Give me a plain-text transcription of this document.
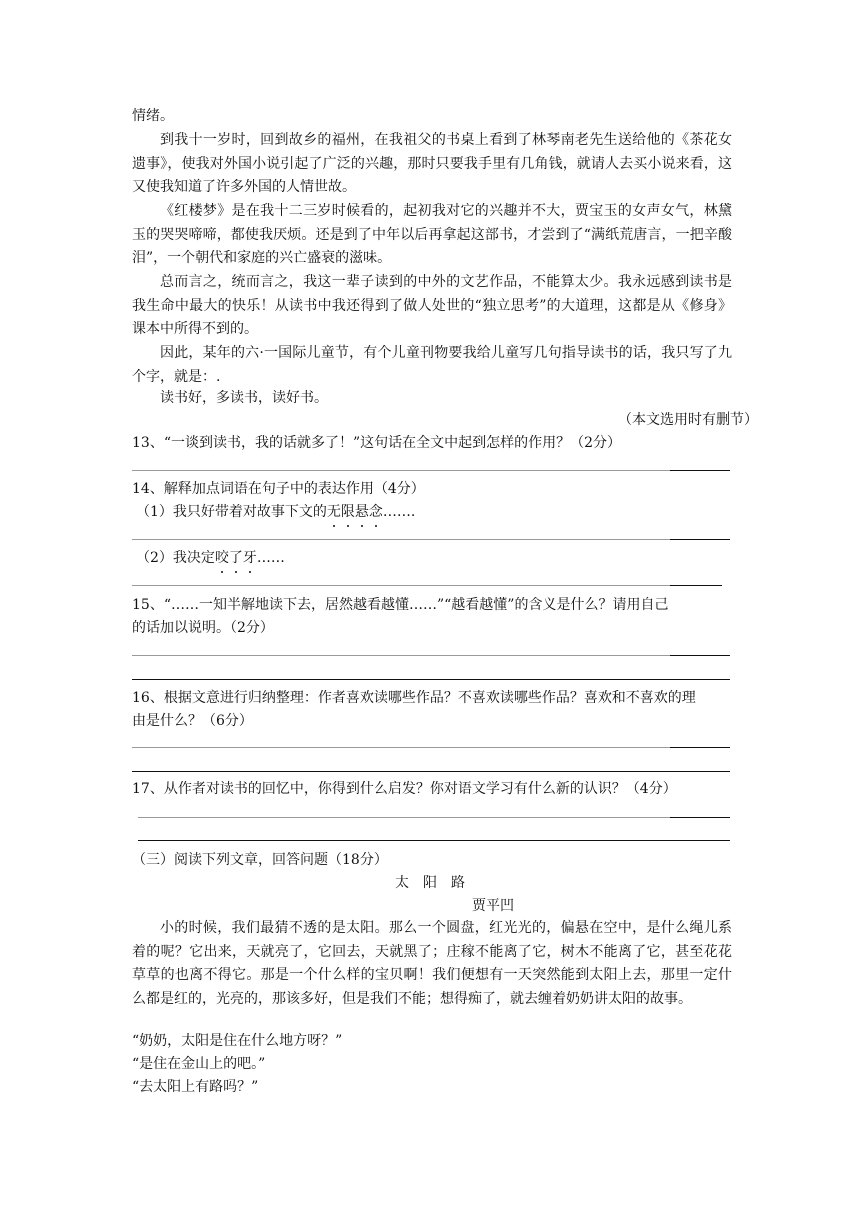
情绪。

到我十一岁时，回到故乡的福州，在我祖父的书桌上看到了林琴南老先生送给他的《茶花女遗事》，使我对外国小说引起了广泛的兴趣，那时只要我手里有几角钱，就请人去买小说来看，这又使我知道了许多外国的人情世故。

《红楼梦》是在我十二三岁时候看的，起初我对它的兴趣并不大，贾宝玉的女声女气，林黛玉的哭哭啼啼，都使我厌烦。还是到了中年以后再拿起这部书，才尝到了“满纸荒唐言，一把辛酸泪”，一个朝代和家庭的兴亡盛衰的滋味。

总而言之，统而言之，我这一辈子读到的中外的文艺作品，不能算太少。我永远感到读书是我生命中最大的快乐！从读书中我还得到了做人处世的“独立思考”的大道理，这都是从《修身》课本中所得不到的。

因此，某年的六·一国际儿童节，有个儿童刊物要我给儿童写几句指导读书的话，我只写了九个字，就是：.

读书好，多读书，读好书。

（本文选用时有删节）

13、“一谈到读书，我的话就多了！”这句话在全文中起到怎样的作用？（2分）

14、解释加点词语在句子中的表达作用（4分）

（1）我只好带着对故事下文的无限悬念…….

（2）我决定咬了牙……

15、“……一知半解地读下去，居然越看越懂……”“越看越懂”的含义是什么？请用自己

的话加以说明。（2分）

16、根据文意进行归纳整理：作者喜欢读哪些作品？不喜欢读哪些作品？喜欢和不喜欢的理

由是什么？（6分）

17、从作者对读书的回忆中，你得到什么启发？你对语文学习有什么新的认识？（4分）

（三）阅读下列文章，回答问题（18分）

太　阳　路

贾平凹

小的时候，我们最猜不透的是太阳。那么一个圆盘，红光光的，偏悬在空中，是什么绳儿系着的呢？它出来，天就亮了，它回去，天就黑了；庄稼不能离了它，树木不能离了它，甚至花花草草的也离不得它。那是一个什么样的宝贝啊！我们便想有一天突然能到太阳上去，那里一定什么都是红的，光亮的，那该多好，但是我们不能；想得痴了，就去缠着奶奶讲太阳的故事。

“奶奶，太阳是住在什么地方呀？”

“是住在金山上的吧。”

“去太阳上有路吗？”
